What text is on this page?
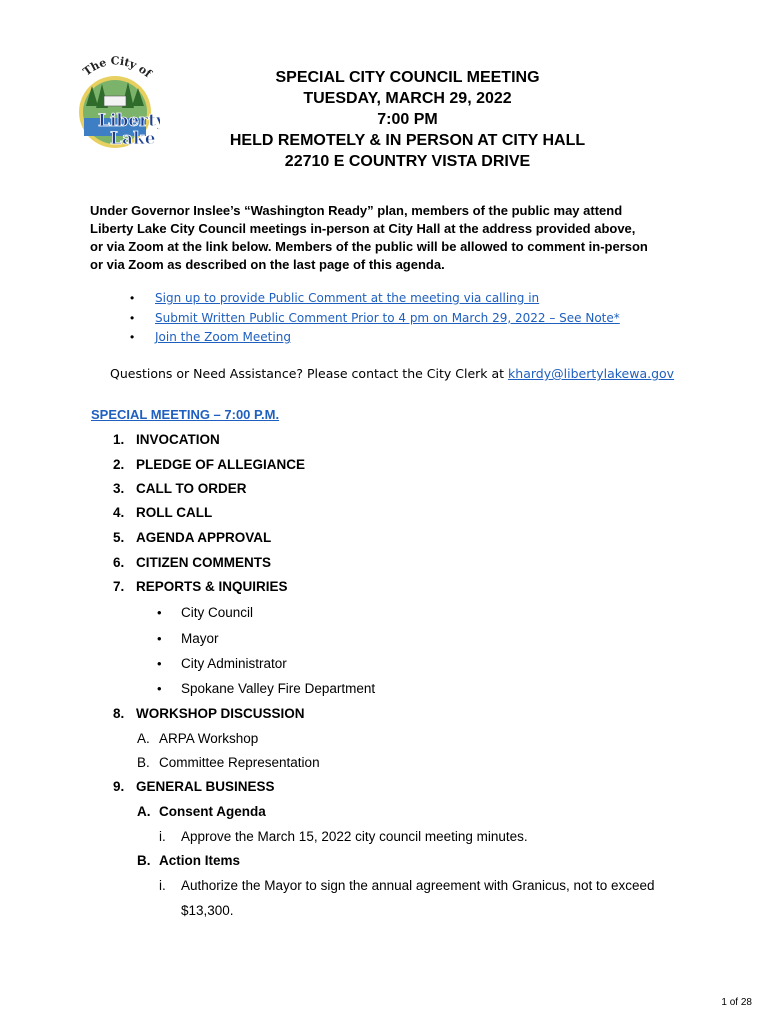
The City of
Liberty
Lake
SPECIAL CITY COUNCIL MEETING
TUESDAY, MARCH 29, 2022
7:00 PM
HELD REMOTELY & IN PERSON AT CITY HALL
22710 E COUNTRY VISTA DRIVE
Under Governor Inslee’s “Washington Ready” plan, members of the public may attend
Liberty Lake City Council meetings in-person at City Hall at the address provided above,
or via Zoom at the link below. Members of the public will be allowed to comment in-person
or via Zoom as described on the last page of this agenda.
• Sign up to provide Public Comment at the meeting via calling in
• Submit Written Public Comment Prior to 4 pm on March 29, 2022 – See Note*
• Join the Zoom Meeting
Questions or Need Assistance? Please contact the City Clerk at khardy@libertylakewa.gov
SPECIAL MEETING – 7:00 P.M.
1. INVOCATION
2. PLEDGE OF ALLEGIANCE
3. CALL TO ORDER
4. ROLL CALL
5. AGENDA APPROVAL
6. CITIZEN COMMENTS
7. REPORTS & INQUIRIES
• City Council
• Mayor
• City Administrator
• Spokane Valley Fire Department
8. WORKSHOP DISCUSSION
A. ARPA Workshop
B. Committee Representation
9. GENERAL BUSINESS
A. Consent Agenda
i. Approve the March 15, 2022 city council meeting minutes.
B. Action Items
i. Authorize the Mayor to sign the annual agreement with Granicus, not to exceed
$13,300.
1 of 28
